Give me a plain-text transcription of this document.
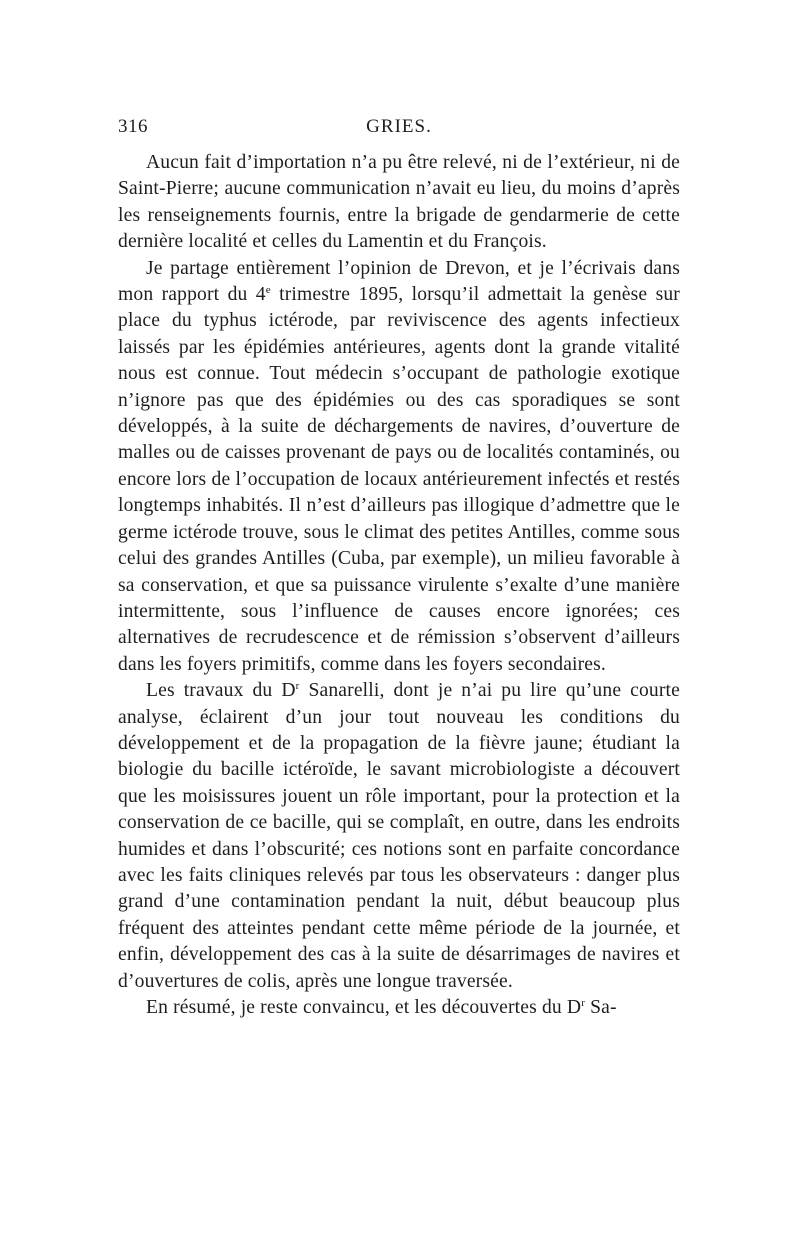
316	GRIES.

Aucun fait d’importation n’a pu être relevé, ni de l’extérieur, ni de Saint-Pierre; aucune communication n’avait eu lieu, du moins d’après les renseignements fournis, entre la brigade de gendarmerie de cette dernière localité et celles du Lamentin et du François.

Je partage entièrement l’opinion de Drevon, et je l’écrivais dans mon rapport du 4e trimestre 1895, lorsqu’il admettait la genèse sur place du typhus ictérode, par reviviscence des agents infectieux laissés par les épidémies antérieures, agents dont la grande vitalité nous est connue. Tout médecin s’occupant de pathologie exotique n’ignore pas que des épidémies ou des cas sporadiques se sont développés, à la suite de déchargements de navires, d’ouverture de malles ou de caisses provenant de pays ou de localités contaminés, ou encore lors de l’occupation de locaux antérieurement infectés et restés longtemps inhabités. Il n’est d’ailleurs pas illogique d’admettre que le germe ictérode trouve, sous le climat des petites Antilles, comme sous celui des grandes Antilles (Cuba, par exemple), un milieu favorable à sa conservation, et que sa puissance virulente s’exalte d’une manière intermittente, sous l’influence de causes encore ignorées; ces alternatives de recrudescence et de rémission s’observent d’ailleurs dans les foyers primitifs, comme dans les foyers secondaires.

Les travaux du $D^r$ Sanarelli, dont je n’ai pu lire qu’une courte analyse, éclairent d’un jour tout nouveau les conditions du développement et de la propagation de la fièvre jaune; étudiant la biologie du bacille ictéroïde, le savant microbiologiste a découvert que les moisissures jouent un rôle important, pour la protection et la conservation de ce bacille, qui se complaît, en outre, dans les endroits humides et dans l’obscurité; ces notions sont en parfaite concordance avec les faits cliniques relevés par tous les observateurs : danger plus grand d’une contamination pendant la nuit, début beaucoup plus fréquent des atteintes pendant cette même période de la journée, et enfin, développement des cas à la suite de désarrimages de navires et d’ouvertures de colis, après une longue traversée.

En résumé, je reste convaincu, et les découvertes du $D^r$ Sa-
